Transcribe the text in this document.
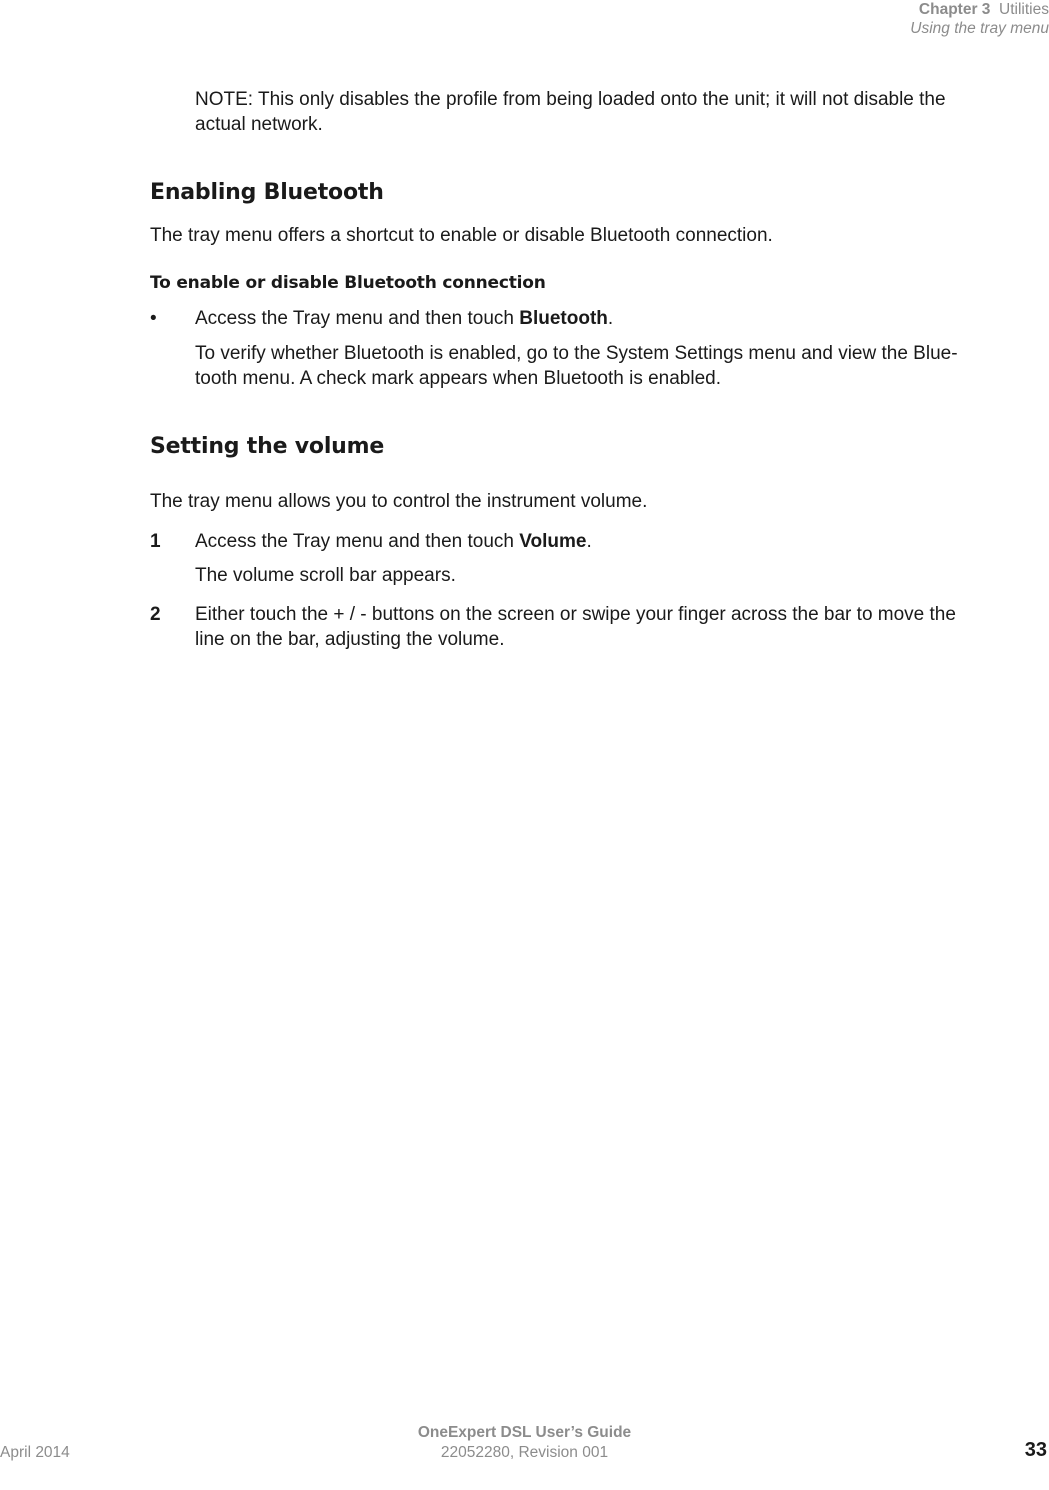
Chapter 3 Utilities
Using the tray menu
NOTE: This only disables the profile from being loaded onto the unit; it will not disable the
actual network.
Enabling Bluetooth
The tray menu offers a shortcut to enable or disable Bluetooth connection.
To enable or disable Bluetooth connection
• Access the Tray menu and then touch Bluetooth.
To verify whether Bluetooth is enabled, go to the System Settings menu and view the Blue-
tooth menu. A check mark appears when Bluetooth is enabled.
Setting the volume
The tray menu allows you to control the instrument volume.
1 Access the Tray menu and then touch Volume.
The volume scroll bar appears.
2 Either touch the + / - buttons on the screen or swipe your finger across the bar to move the
line on the bar, adjusting the volume.
OneExpert DSL User’s Guide
22052280, Revision 001
April 2014	33
